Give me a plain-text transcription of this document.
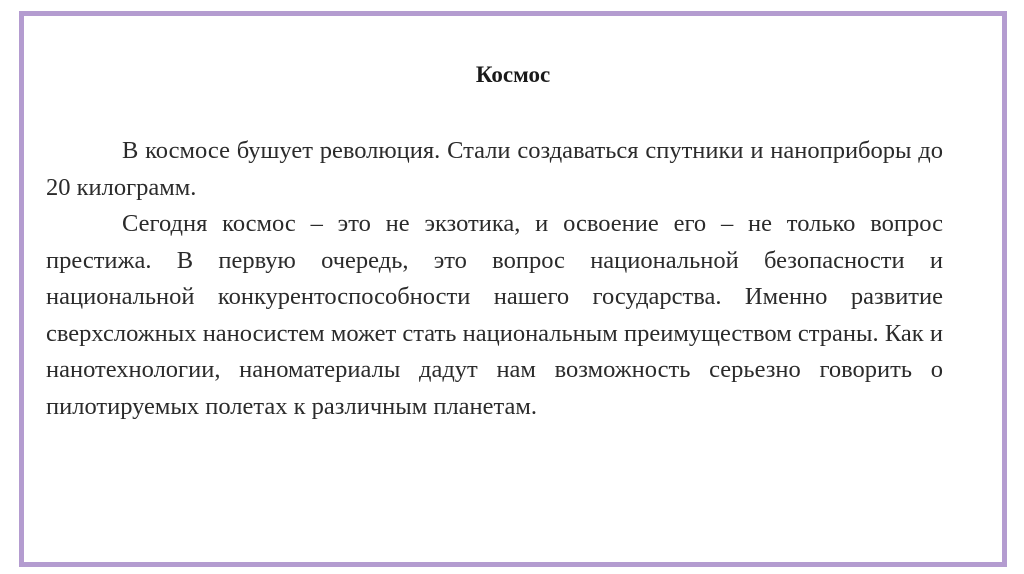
Космос

В космосе бушует революция. Стали создаваться спутники и наноприборы до 20 килограмм.

Сегодня космос – это не экзотика, и освоение его – не только вопрос престижа. В первую очередь, это вопрос национальной безопасности и национальной конкурентоспособности нашего государства. Именно развитие сверхсложных наносистем может стать национальным преимуществом страны. Как и нанотехнологии, наноматериалы дадут нам возможность серьезно говорить о пилотируемых полетах к различным планетам.
